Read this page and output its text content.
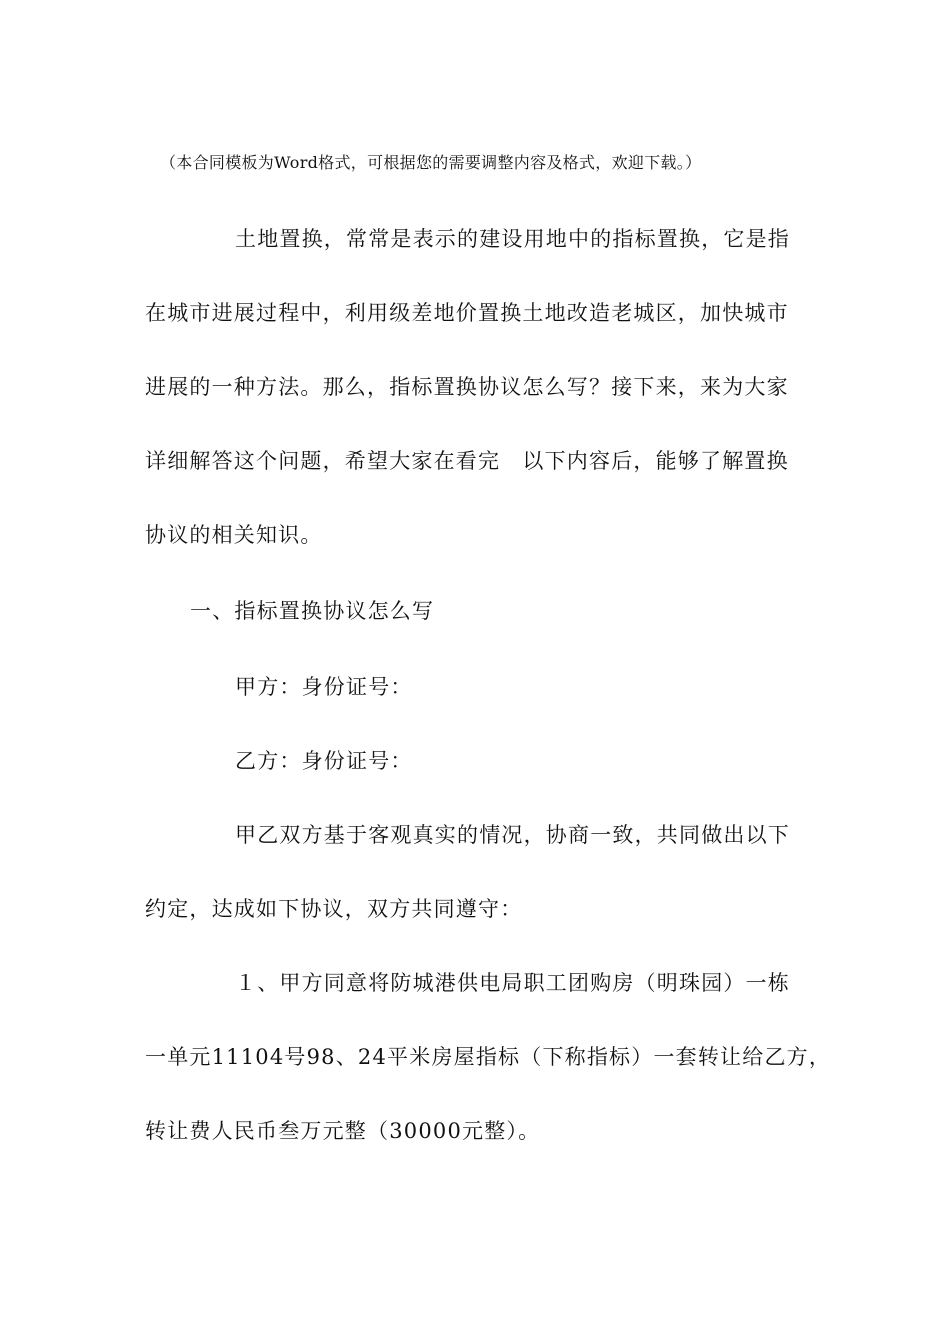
（本合同模板为Word格式，可根据您的需要调整内容及格式，欢迎下载。）
土地置换，常常是表示的建设用地中的指标置换，它是指
在城市进展过程中，利用级差地价置换土地改造老城区，加快城市
进展的一种方法。那么，指标置换协议怎么写？接下来，来为大家
详细解答这个问题，希望大家在看完　以下内容后，能够了解置换
协议的相关知识。
一、指标置换协议怎么写
甲方：身份证号：
乙方：身份证号：
甲乙双方基于客观真实的情况，协商一致，共同做出以下
约定，达成如下协议，双方共同遵守：
１、甲方同意将防城港供电局职工团购房（明珠园）一栋
一单元11104号98、24平米房屋指标（下称指标）一套转让给乙方，
转让费人民币叁万元整（30000元整）。
